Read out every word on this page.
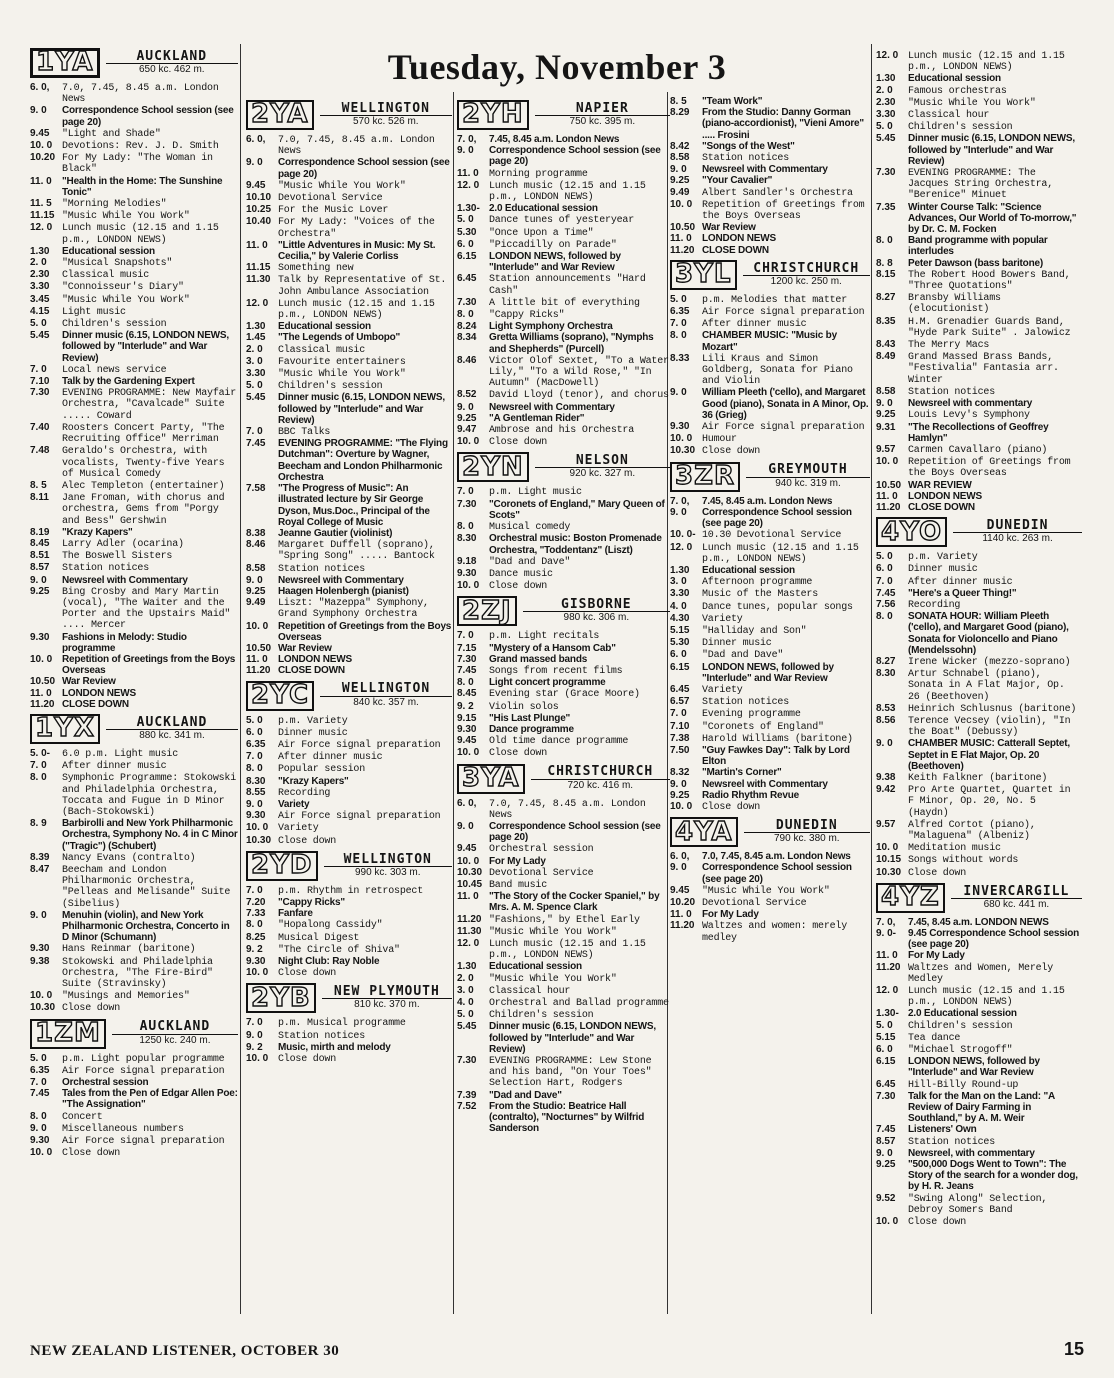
Tuesday, November 3
1YA	AUCKLAND
650 kc. 462 m.
6. 0,	7.0, 7.45, 8.45 a.m. London News
9. 0	Correspondence School session (see page 20)
9.45	"Light and Shade"
10. 0 Devotions: Rev. J. D. Smith
10.20 For My Lady: "The Woman in Black"
11. 0	"Health in the Home: The Sunshine Tonic"
11. 5	"Morning Melodies"
11.15 "Music While You Work"
12. 0 Lunch music (12.15 and 1.15 p.m., LONDON NEWS)
1.30	Educational session
2. 0	"Musical Snapshots"
2.30	Classical music
3.30	"Connoisseur's Diary"
3.45	"Music While You Work"
4.15	Light music
5. 0	Children's session
5.45	Dinner music (6.15, LONDON NEWS, followed by "Interlude" and War Review)
7. 0	Local news service
7.10	Talk by the Gardening Expert
7.30	EVENING PROGRAMME: New Mayfair Orchestra, "Cavalcade" Suite ..... Coward
7.40	Roosters Concert Party, "The Recruiting Office" Merriman
7.48	Geraldo's Orchestra, with vocalists, Twenty-five Years of Musical Comedy
8. 5	Alec Templeton (entertainer)
8.11	Jane Froman, with chorus and orchestra, Gems from "Porgy and Bess" Gershwin
8.19	"Krazy Kapers"
8.45	Larry Adler (ocarina)
8.51	The Boswell Sisters
8.57	Station notices
9. 0	Newsreel with Commentary
9.25	Bing Crosby and Mary Martin (vocal), "The Waiter and the Porter and the Upstairs Maid" .... Mercer
9.30	Fashions in Melody: Studio programme
10. 0 Repetition of Greetings from the Boys Overseas
10.50 War Review
11. 0	LONDON NEWS
11.20 CLOSE DOWN
1YX	AUCKLAND
880 kc. 341 m.
5. 0-	6.0 p.m. Light music
7. 0	After dinner music
8. 0	Symphonic Programme: Stokowski and Philadelphia Orchestra, Toccata and Fugue in D Minor (Bach-Stokowski)
8. 9	Barbirolli and New York Philharmonic Orchestra, Symphony No. 4 in C Minor ("Tragic") (Schubert)
8.39	Nancy Evans (contralto)
8.47	Beecham and London Philharmonic Orchestra, "Pelleas and Melisande" Suite (Sibelius)
9. 0	Menuhin (violin), and New York Philharmonic Orchestra, Concerto in D Minor (Schumann)
9.30	Hans Reinmar (baritone)
9.38	Stokowski and Philadelphia Orchestra, "The Fire-Bird" Suite (Stravinsky)
10. 0 "Musings and Memories"
10.30 Close down
1ZM	AUCKLAND
1250 kc. 240 m.
5. 0	p.m. Light popular programme
6.35	Air Force signal preparation
7. 0	Orchestral session
7.45	Tales from the Pen of Edgar Allen Poe: "The Assignation"
8. 0	Concert
9. 0	Miscellaneous numbers
9.30	Air Force signal preparation
10. 0 Close down
2YA	WELLINGTON
570 kc. 526 m.
6. 0,	7.0, 7.45, 8.45 a.m. London News
9. 0	Correspondence School session (see page 20)
9.45	"Music While You Work"
10.10 Devotional Service
10.25 For the Music Lover
10.40 For My Lady: "Voices of the Orchestra"
11. 0	"Little Adventures in Music: My St. Cecilia," by Valerie Corliss
11.15 Something new
11.30 Talk by Representative of St. John Ambulance Association
12. 0 Lunch music (12.15 and 1.15 p.m., LONDON NEWS)
1.30	Educational session
1.45	"The Legends of Umbopo"
2. 0	Classical music
3. 0	Favourite entertainers
3.30	"Music While You Work"
5. 0	Children's session
5.45	Dinner music (6.15, LONDON NEWS, followed by "Interlude" and War Review)
7. 0	BBC Talks
7.45	EVENING PROGRAMME: "The Flying Dutchman": Overture by Wagner, Beecham and London Philharmonic Orchestra
7.58	"The Progress of Music": An illustrated lecture by Sir George Dyson, Mus.Doc., Principal of the Royal College of Music
8.38	Jeanne Gautier (violinist)
8.46	Margaret Duffell (soprano), "Spring Song" ..... Bantock
8.58	Station notices
9. 0	Newsreel with Commentary
9.25	Haagen Holenbergh (pianist)
9.49	Liszt: "Mazeppa" Symphony, Grand Symphony Orchestra
10. 0 Repetition of Greetings from the Boys Overseas
10.50 War Review
11. 0	LONDON NEWS
11.20 CLOSE DOWN
2YC	WELLINGTON
840 kc. 357 m.
5. 0	p.m. Variety
6. 0	Dinner music
6.35	Air Force signal preparation
7. 0	After dinner music
8. 0	Popular session
8.30	"Krazy Kapers"
8.55	Recording
9. 0	Variety
9.30	Air Force signal preparation
10. 0 Variety
10.30 Close down
2YD	WELLINGTON
990 kc. 303 m.
7. 0	p.m. Rhythm in retrospect
7.20	"Cappy Ricks"
7.33	Fanfare
8. 0	"Hopalong Cassidy"
8.25	Musical Digest
9. 2	"The Circle of Shiva"
9.30	Night Club: Ray Noble
10. 0 Close down
2YB	NEW PLYMOUTH
810 kc. 370 m.
7. 0	p.m. Musical programme
9. 0	Station notices
9. 2	Music, mirth and melody
10. 0 Close down
2YH	NAPIER
750 kc. 395 m.
7. 0,	7.45, 8.45 a.m. London News
9. 0	Correspondence School session (see page 20)
11. 0	Morning programme
12. 0 Lunch music (12.15 and 1.15 p.m., LONDON NEWS)
1.30- 2.0 Educational session
5. 0	Dance tunes of yesteryear
5.30	"Once Upon a Time"
6. 0	"Piccadilly on Parade"
6.15	LONDON NEWS, followed by "Interlude" and War Review
6.45	Station announcements "Hard Cash"
7.30	A little bit of everything
8. 0	"Cappy Ricks"
8.24	Light Symphony Orchestra
8.34	Gretta Williams (soprano), "Nymphs and Shepherds" (Purcell)
8.46	Victor Olof Sextet, "To a Water Lily," "To a Wild Rose," "In Autumn" (MacDowell)
8.52	David Lloyd (tenor), and chorus
9. 0	Newsreel with Commentary
9.25	"A Gentleman Rider"
9.47	Ambrose and his Orchestra
10. 0 Close down
2YN	NELSON
920 kc. 327 m.
7. 0	p.m. Light music
7.30	"Coronets of England," Mary Queen of Scots"
8. 0	Musical comedy
8.30	Orchestral music: Boston Promenade Orchestra, "Toddentanz" (Liszt)
9.18	"Dad and Dave"
9.30	Dance music
10. 0 Close down
2ZJ	GISBORNE
980 kc. 306 m.
7. 0	p.m. Light recitals
7.15	"Mystery of a Hansom Cab"
7.30	Grand massed bands
7.45	Songs from recent films
8. 0	Light concert programme
8.45	Evening star (Grace Moore)
9. 2	Violin solos
9.15	"His Last Plunge"
9.30	Dance programme
9.45	Old time dance programme
10. 0 Close down
3YA	CHRISTCHURCH
720 kc. 416 m.
6. 0,	7.0, 7.45, 8.45 a.m. London News
9. 0	Correspondence School session (see page 20)
9.45	Orchestral session
10. 0 For My Lady
10.30 Devotional Service
10.45 Band music
11. 0	"The Story of the Cocker Spaniel," by Mrs. A. M. Spence Clark
11.20 "Fashions," by Ethel Early
11.30 "Music While You Work"
12. 0 Lunch music (12.15 and 1.15 p.m., LONDON NEWS)
1.30	Educational session
2. 0	"Music While You Work"
3. 0	Classical hour
4. 0	Orchestral and Ballad programme
5. 0	Children's session
5.45	Dinner music (6.15, LONDON NEWS, followed by "Interlude" and War Review)
7.30	EVENING PROGRAMME: Lew Stone and his band, "On Your Toes" Selection Hart, Rodgers
7.39	"Dad and Dave"
7.52	From the Studio: Beatrice Hall (contralto), "Nocturnes" by Wilfrid Sanderson
8. 5	"Team Work"
8.29	From the Studio: Danny Gorman (piano-accordionist), "Vieni Amore" ..... Frosini
8.42	"Songs of the West"
8.58	Station notices
9. 0	Newsreel with Commentary
9.25	"Your Cavalier"
9.49	Albert Sandler's Orchestra
10. 0 Repetition of Greetings from the Boys Overseas
10.50 War Review
11. 0	LONDON NEWS
11.20 CLOSE DOWN
3YL	CHRISTCHURCH
1200 kc. 250 m.
5. 0	p.m. Melodies that matter
6.35	Air Force signal preparation
7. 0	After dinner music
8. 0	CHAMBER MUSIC: "Music by Mozart"
8.33	Lili Kraus and Simon Goldberg, Sonata for Piano and Violin
9. 0	William Pleeth ('cello), and Margaret Good (piano), Sonata in A Minor, Op. 36 (Grieg)
9.30	Air Force signal preparation
10. 0 Humour
10.30 Close down
3ZR	GREYMOUTH
940 kc. 319 m.
7. 0,	7.45, 8.45 a.m. London News
9. 0	Correspondence School session (see page 20)
10. 0- 10.30 Devotional Service
12. 0 Lunch music (12.15 and 1.15 p.m., LONDON NEWS)
1.30	Educational session
3. 0	Afternoon programme
3.30	Music of the Masters
4. 0	Dance tunes, popular songs
4.30	Variety
5.15	"Halliday and Son"
5.30	Dinner music
6. 0	"Dad and Dave"
6.15	LONDON NEWS, followed by "Interlude" and War Review
6.45	Variety
6.57	Station notices
7. 0	Evening programme
7.10	"Coronets of England"
7.38	Harold Williams (baritone)
7.50	"Guy Fawkes Day": Talk by Lord Elton
8.32	"Martin's Corner"
9. 0	Newsreel with Commentary
9.25	Radio Rhythm Revue
10. 0 Close down
4YA	DUNEDIN
790 kc. 380 m.
6. 0,	7.0, 7.45, 8.45 a.m. London News
9. 0	Correspondence School session (see page 20)
9.45	"Music While You Work"
10.20 Devotional Service
11. 0	For My Lady
11.20 Waltzes and women: merely medley
12. 0 Lunch music (12.15 and 1.15 p.m., LONDON NEWS)
1.30	Educational session
2. 0	Famous orchestras
2.30	"Music While You Work"
3.30	Classical hour
5. 0	Children's session
5.45	Dinner music (6.15, LONDON NEWS, followed by "Interlude" and War Review)
7.30	EVENING PROGRAMME: The Jacques String Orchestra, "Berenice" Minuet
7.35	Winter Course Talk: "Science Advances, Our World of To-morrow," by Dr. C. M. Focken
8. 0	Band programme with popular interludes
8. 8	Peter Dawson (bass baritone)
8.15	The Robert Hood Bowers Band, "Three Quotations"
8.27	Bransby Williams (elocutionist)
8.35	H.M. Grenadier Guards Band, "Hyde Park Suite" . Jalowicz
8.43	The Merry Macs
8.49	Grand Massed Brass Bands, "Festivalia" Fantasia arr. Winter
8.58	Station notices
9. 0	Newsreel with commentary
9.25	Louis Levy's Symphony
9.31	"The Recollections of Geoffrey Hamlyn"
9.57	Carmen Cavallaro (piano)
10. 0 Repetition of Greetings from the Boys Overseas
10.50 WAR REVIEW
11. 0	LONDON NEWS
11.20 CLOSE DOWN
4YO	DUNEDIN
1140 kc. 263 m.
5. 0	p.m. Variety
6. 0	Dinner music
7. 0	After dinner music
7.45	"Here's a Queer Thing!"
7.56	Recording
8. 0	SONATA HOUR: William Pleeth ('cello), and Margaret Good (piano), Sonata for Violoncello and Piano (Mendelssohn)
8.27	Irene Wicker (mezzo-soprano)
8.30	Artur Schnabel (piano), Sonata in A Flat Major, Op. 26 (Beethoven)
8.53	Heinrich Schlusnus (baritone)
8.56	Terence Vecsey (violin), "In the Boat" (Debussy)
9. 0	CHAMBER MUSIC: Catterall Septet, Septet in E Flat Major, Op. 20 (Beethoven)
9.38	Keith Falkner (baritone)
9.42	Pro Arte Quartet, Quartet in F Minor, Op. 20, No. 5 (Haydn)
9.57	Alfred Cortot (piano), "Malaguena" (Albeniz)
10. 0 Meditation music
10.15 Songs without words
10.30 Close down
4YZ	INVERCARGILL
680 kc. 441 m.
7. 0,	7.45, 8.45 a.m. LONDON NEWS
9. 0-	9.45 Correspondence School session (see page 20)
11. 0	For My Lady
11.20 Waltzes and Women, Merely Medley
12. 0 Lunch music (12.15 and 1.15 p.m., LONDON NEWS)
1.30- 2.0 Educational session
5. 0	Children's session
5.15	Tea dance
6. 0	"Michael Strogoff"
6.15	LONDON NEWS, followed by "Interlude" and War Review
6.45	Hill-Billy Round-up
7.30	Talk for the Man on the Land: "A Review of Dairy Farming in Southland," by A. M. Weir
7.45	Listeners' Own
8.57	Station notices
9. 0	Newsreel, with commentary
9.25	"500,000 Dogs Went to Town": The Story of the search for a wonder dog, by H. R. Jeans
9.52	"Swing Along" Selection, Debroy Somers Band
10. 0 Close down
NEW ZEALAND LISTENER, OCTOBER 30	15
